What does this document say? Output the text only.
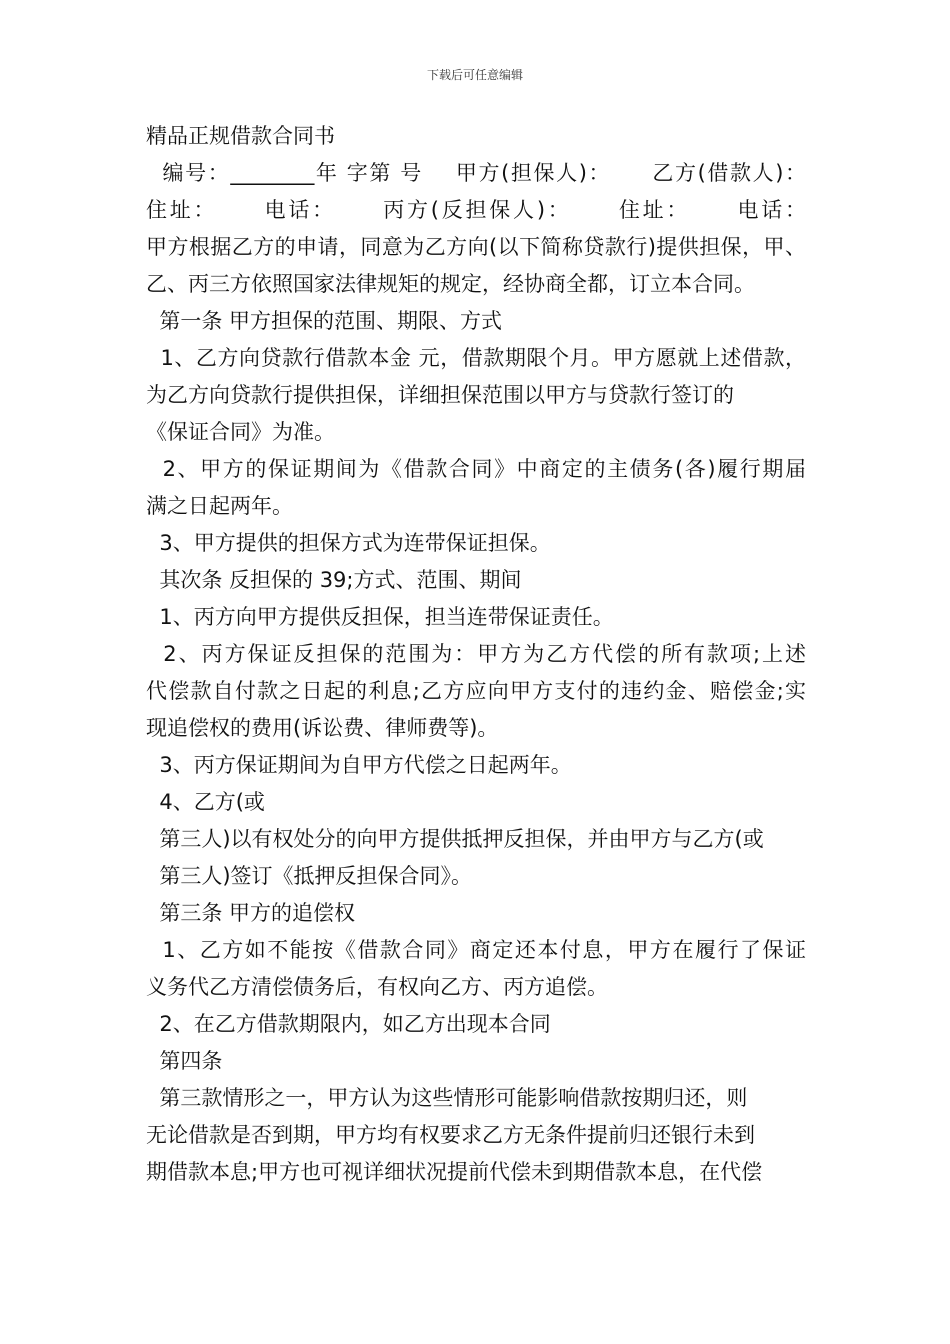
下载后可任意编辑
精品正规借款合同书
编号：________年 字第 号    甲方(担保人)：     乙方(借款人)：
住址：     电话：     丙方(反担保人)：     住址：     电话：
甲方根据乙方的申请，同意为乙方向(以下简称贷款行)提供担保，甲、
乙、丙三方依照国家法律规矩的规定，经协商全都，订立本合同。
第一条 甲方担保的范围、期限、方式
1、乙方向贷款行借款本金 元，借款期限个月。甲方愿就上述借款，
为乙方向贷款行提供担保，详细担保范围以甲方与贷款行签订的
《保证合同》为准。
2、甲方的保证期间为《借款合同》中商定的主债务(各)履行期届
满之日起两年。
3、甲方提供的担保方式为连带保证担保。
其次条 反担保的 39;方式、范围、期间
1、丙方向甲方提供反担保，担当连带保证责任。
2、丙方保证反担保的范围为：甲方为乙方代偿的所有款项;上述
代偿款自付款之日起的利息;乙方应向甲方支付的违约金、赔偿金;实
现追偿权的费用(诉讼费、律师费等)。
3、丙方保证期间为自甲方代偿之日起两年。
4、乙方(或
第三人)以有权处分的向甲方提供抵押反担保，并由甲方与乙方(或
第三人)签订《抵押反担保合同》。
第三条 甲方的追偿权
1、乙方如不能按《借款合同》商定还本付息，甲方在履行了保证
义务代乙方清偿债务后，有权向乙方、丙方追偿。
2、在乙方借款期限内，如乙方出现本合同
第四条
第三款情形之一，甲方认为这些情形可能影响借款按期归还，则
无论借款是否到期，甲方均有权要求乙方无条件提前归还银行未到
期借款本息;甲方也可视详细状况提前代偿未到期借款本息，在代偿
